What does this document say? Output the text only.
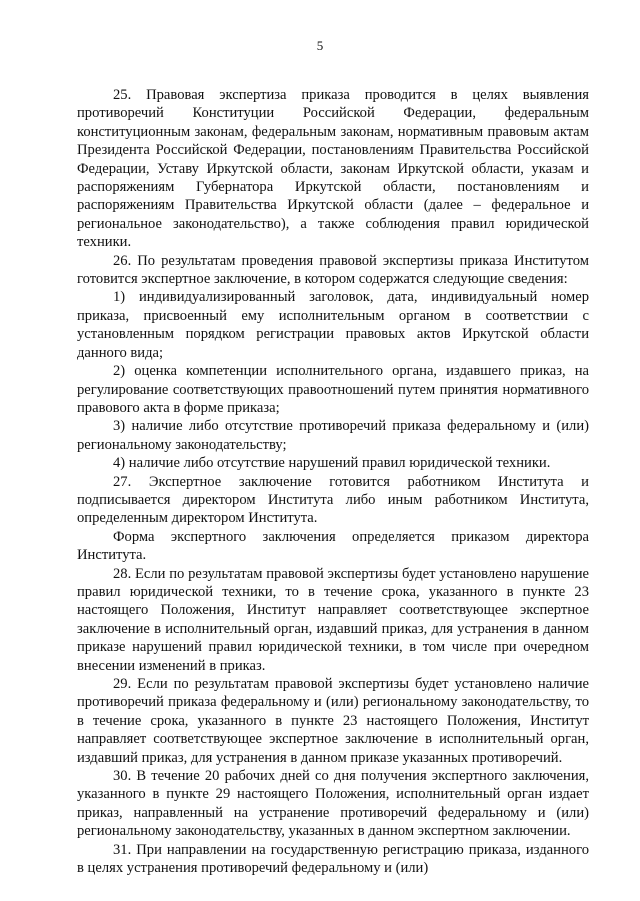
5

25. Правовая экспертиза приказа проводится в целях выявления противоречий Конституции Российской Федерации, федеральным конституционным законам, федеральным законам, нормативным правовым актам Президента Российской Федерации, постановлениям Правительства Российской Федерации, Уставу Иркутской области, законам Иркутской области, указам и распоряжениям Губернатора Иркутской области, постановлениям и распоряжениям Правительства Иркутской области (далее – федеральное и региональное законодательство), а также соблюдения правил юридической техники.

26. По результатам проведения правовой экспертизы приказа Институтом готовится экспертное заключение, в котором содержатся следующие сведения:

1) индивидуализированный заголовок, дата, индивидуальный номер приказа, присвоенный ему исполнительным органом в соответствии с установленным порядком регистрации правовых актов Иркутской области данного вида;

2) оценка компетенции исполнительного органа, издавшего приказ, на регулирование соответствующих правоотношений путем принятия нормативного правового акта в форме приказа;

3) наличие либо отсутствие противоречий приказа федеральному и (или) региональному законодательству;

4) наличие либо отсутствие нарушений правил юридической техники.

27. Экспертное заключение готовится работником Института и подписывается директором Института либо иным работником Института, определенным директором Института.

Форма экспертного заключения определяется приказом директора Института.

28. Если по результатам правовой экспертизы будет установлено нарушение правил юридической техники, то в течение срока, указанного в пункте 23 настоящего Положения, Институт направляет соответствующее экспертное заключение в исполнительный орган, издавший приказ, для устранения в данном приказе нарушений правил юридической техники, в том числе при очередном внесении изменений в приказ.

29. Если по результатам правовой экспертизы будет установлено наличие противоречий приказа федеральному и (или) региональному законодательству, то в течение срока, указанного в пункте 23 настоящего Положения, Институт направляет соответствующее экспертное заключение в исполнительный орган, издавший приказ, для устранения в данном приказе указанных противоречий.

30. В течение 20 рабочих дней со дня получения экспертного заключения, указанного в пункте 29 настоящего Положения, исполнительный орган издает приказ, направленный на устранение противоречий федеральному и (или) региональному законодательству, указанных в данном экспертном заключении.

31. При направлении на государственную регистрацию приказа, изданного в целях устранения противоречий федеральному и (или)
